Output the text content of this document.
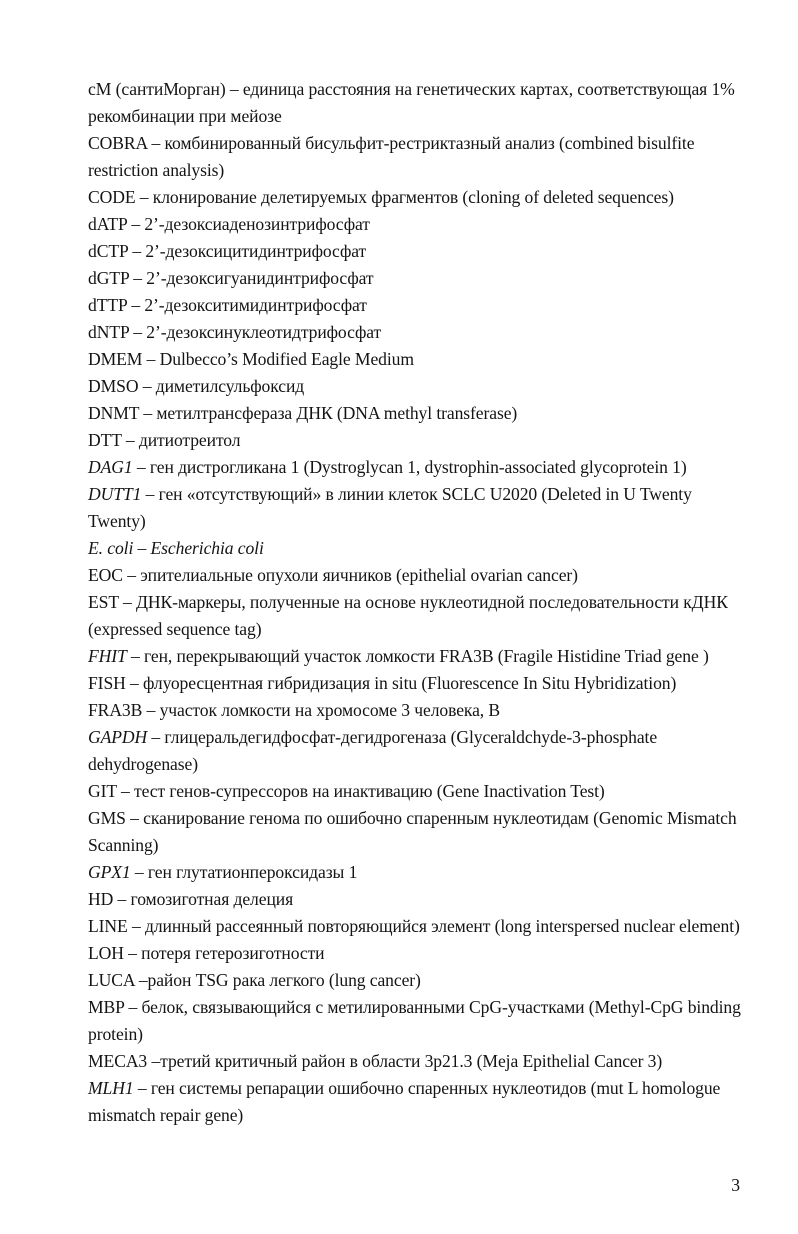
cM (сантиМорган) – единица расстояния на генетических картах, соответствующая 1% рекомбинации при мейозе

COBRA – комбинированный бисульфит-рестриктазный анализ (combined bisulfite restriction analysis)

CODE – клонирование делетируемых фрагментов (cloning of deleted sequences)

dATP – 2’-дезоксиаденозинтрифосфат

dCTP – 2’-дезоксицитидинтрифосфат

dGTP – 2’-дезоксигуанидинтрифосфат

dTTP – 2’-дезокситимидинтрифосфат

dNTP – 2’-дезоксинуклеотидтрифосфат

DMEM – Dulbecco’s Modified Eagle Medium

DMSO – диметилсульфоксид

DNMT – метилтрансфераза ДНК (DNA methyl transferase)

DTT – дитиотреитол

DAG1 – ген дистрогликана 1 (Dystroglycan 1, dystrophin-associated glycoprotein 1)

DUTT1 – ген «отсутствующий» в линии клеток SCLC U2020 (Deleted in U Twenty Twenty)

E. coli – Escherichia coli

EOC – эпителиальные опухоли яичников (epithelial ovarian cancer)

EST – ДНК-маркеры, полученные на основе нуклеотидной последовательности кДНК (expressed sequence tag)

FHIT – ген, перекрывающий участок ломкости FRA3B (Fragile Histidine Triad gene )

FISH – флуоресцентная гибридизация in situ (Fluorescence In Situ Hybridization)

FRA3B – участок ломкости на хромосоме 3 человека, В

GAPDH – глицеральдегидфосфат-дегидрогеназа (Glyceraldchyde-3-phosphate dehydrogenase)

GIT – тест генов-супрессоров на инактивацию (Gene Inactivation Test)

GMS – сканирование генома по ошибочно спаренным нуклеотидам (Genomic Mismatch Scanning)

GPX1 – ген глутатионпероксидазы 1

HD – гомозиготная делеция

LINE – длинный рассеянный повторяющийся элемент (long interspersed nuclear element)

LOH – потеря гетерозиготности

LUCA –район TSG рака легкого (lung cancer)

MBP – белок, связывающийся с метилированными CpG-участками (Methyl-CpG binding protein)

MECA3 –третий критичный район в области 3p21.3 (Meja Epithelial Cancer 3)

MLH1 – ген системы репарации ошибочно спаренных нуклеотидов (mut L homologue mismatch repair gene)

3
